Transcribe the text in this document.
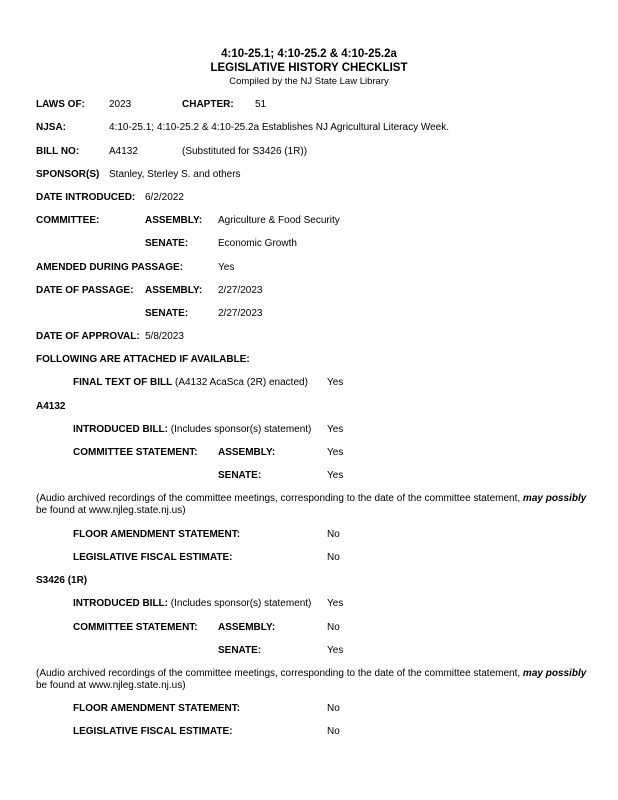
4:10-25.1; 4:10-25.2 & 4:10-25.2a
LEGISLATIVE HISTORY CHECKLIST
Compiled by the NJ State Law Library
LAWS OF: 2023	CHAPTER: 51
NJSA:	4:10-25.1; 4:10-25.2 & 4:10-25.2a Establishes NJ Agricultural Literacy Week.
BILL NO:	A4132	(Substituted for S3426 (1R))
SPONSOR(S) Stanley, Sterley S. and others
DATE INTRODUCED: 6/2/2022
COMMITTEE:	ASSEMBLY: Agriculture & Food Security
SENATE:	Economic Growth
AMENDED DURING PASSAGE:	Yes
DATE OF PASSAGE: ASSEMBLY: 2/27/2023
SENATE:	2/27/2023
DATE OF APPROVAL: 5/8/2023
FOLLOWING ARE ATTACHED IF AVAILABLE:
FINAL TEXT OF BILL (A4132 AcaSca (2R) enacted) Yes
A4132
INTRODUCED BILL: (Includes sponsor(s) statement) Yes
COMMITTEE STATEMENT: ASSEMBLY:	Yes
SENATE:	Yes
(Audio archived recordings of the committee meetings, corresponding to the date of the committee statement, may possibly
be found at www.njleg.state.nj.us)
FLOOR AMENDMENT STATEMENT:	No
LEGISLATIVE FISCAL ESTIMATE:	No
S3426 (1R)
INTRODUCED BILL: (Includes sponsor(s) statement) Yes
COMMITTEE STATEMENT: ASSEMBLY:	No
SENATE:	Yes
(Audio archived recordings of the committee meetings, corresponding to the date of the committee statement, may possibly
be found at www.njleg.state.nj.us)
FLOOR AMENDMENT STATEMENT:	No
LEGISLATIVE FISCAL ESTIMATE:	No
